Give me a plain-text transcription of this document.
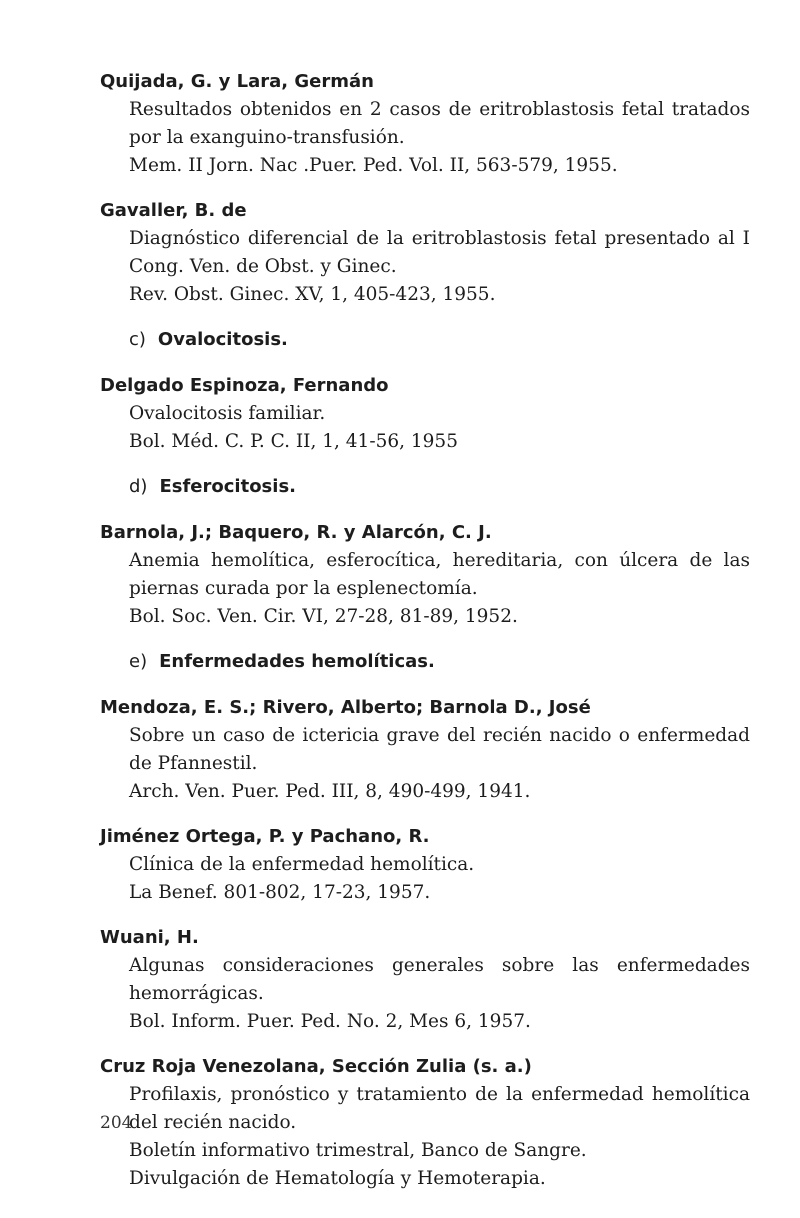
Quijada, G. y Lara, Germán
Resultados obtenidos en 2 casos de eritroblastosis fetal tratados por la exanguino-transfusión.
Mem. II Jorn. Nac .Puer. Ped. Vol. II, 563-579, 1955.
Gavaller, B. de
Diagnóstico diferencial de la eritroblastosis fetal presentado al I Cong. Ven. de Obst. y Ginec.
Rev. Obst. Ginec. XV, 1, 405-423, 1955.
c) Ovalocitosis.
Delgado Espinoza, Fernando
Ovalocitosis familiar.
Bol. Méd. C. P. C. II, 1, 41-56, 1955
d) Esferocitosis.
Barnola, J.; Baquero, R. y Alarcón, C. J.
Anemia hemolítica, esferocítica, hereditaria, con úlcera de las piernas curada por la esplenectomía.
Bol. Soc. Ven. Cir. VI, 27-28, 81-89, 1952.
e) Enfermedades hemolíticas.
Mendoza, E. S.; Rivero, Alberto; Barnola D., José
Sobre un caso de ictericia grave del recién nacido o enfermedad de Pfannestil.
Arch. Ven. Puer. Ped. III, 8, 490-499, 1941.
Jiménez Ortega, P. y Pachano, R.
Clínica de la enfermedad hemolítica.
La Benef. 801-802, 17-23, 1957.
Wuani, H.
Algunas consideraciones generales sobre las enfermedades hemorrágicas.
Bol. Inform. Puer. Ped. No. 2, Mes 6, 1957.
Cruz Roja Venezolana, Sección Zulia (s. a.)
Profilaxis, pronóstico y tratamiento de la enfermedad hemolítica del recién nacido.
Boletín informativo trimestral, Banco de Sangre.
Divulgación de Hematología y Hemoterapia.
204
